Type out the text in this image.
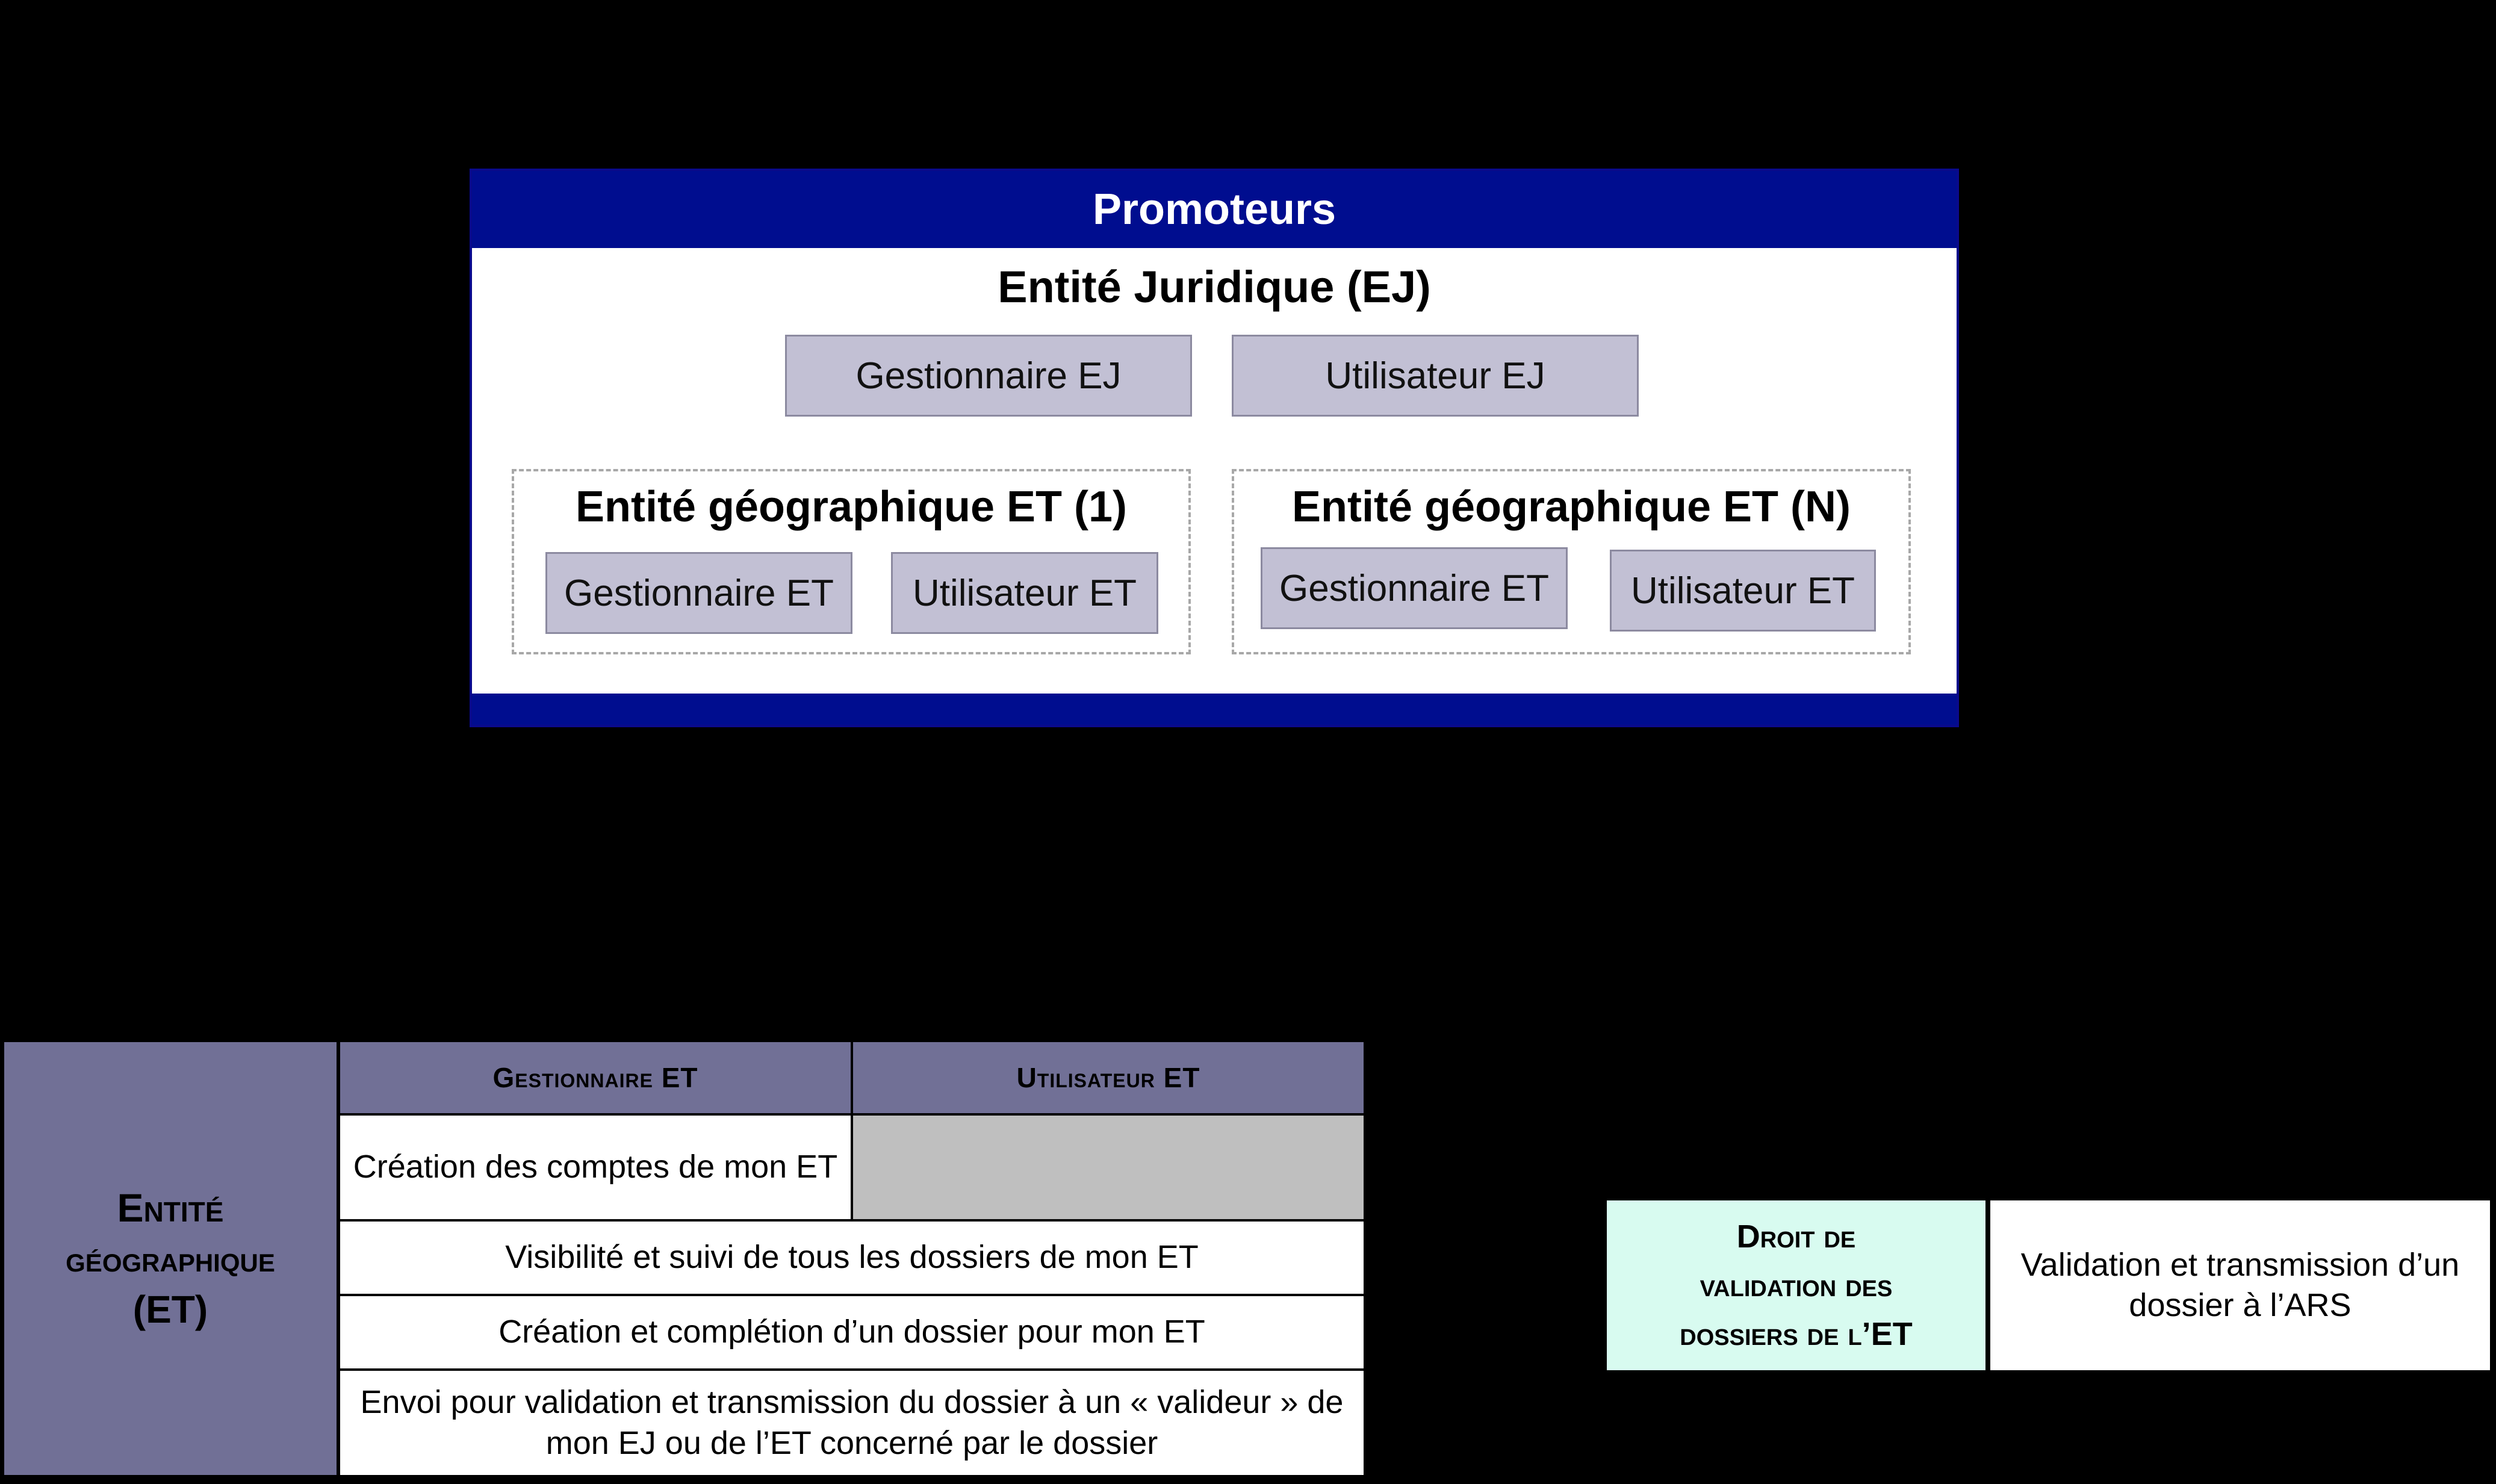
Promoteurs
Entité Juridique (EJ)
Gestionnaire EJ	Utilisateur EJ
Entité géographique ET (1)
Gestionnaire ET	Utilisateur ET
Entité géographique ET (N)
Gestionnaire ET	Utilisateur ET
Entité
géographique
(ET)
Gestionnaire ET	Utilisateur ET
Création des comptes de mon ET
Visibilité et suivi de tous les dossiers de mon ET
Création et complétion d’un dossier pour mon ET
Envoi pour validation et transmission du dossier à un « valideur » de mon EJ ou de l’ET concerné par le dossier
Droit de
validation des
dossiers de l’ET
Validation et transmission d’un dossier à l’ARS
